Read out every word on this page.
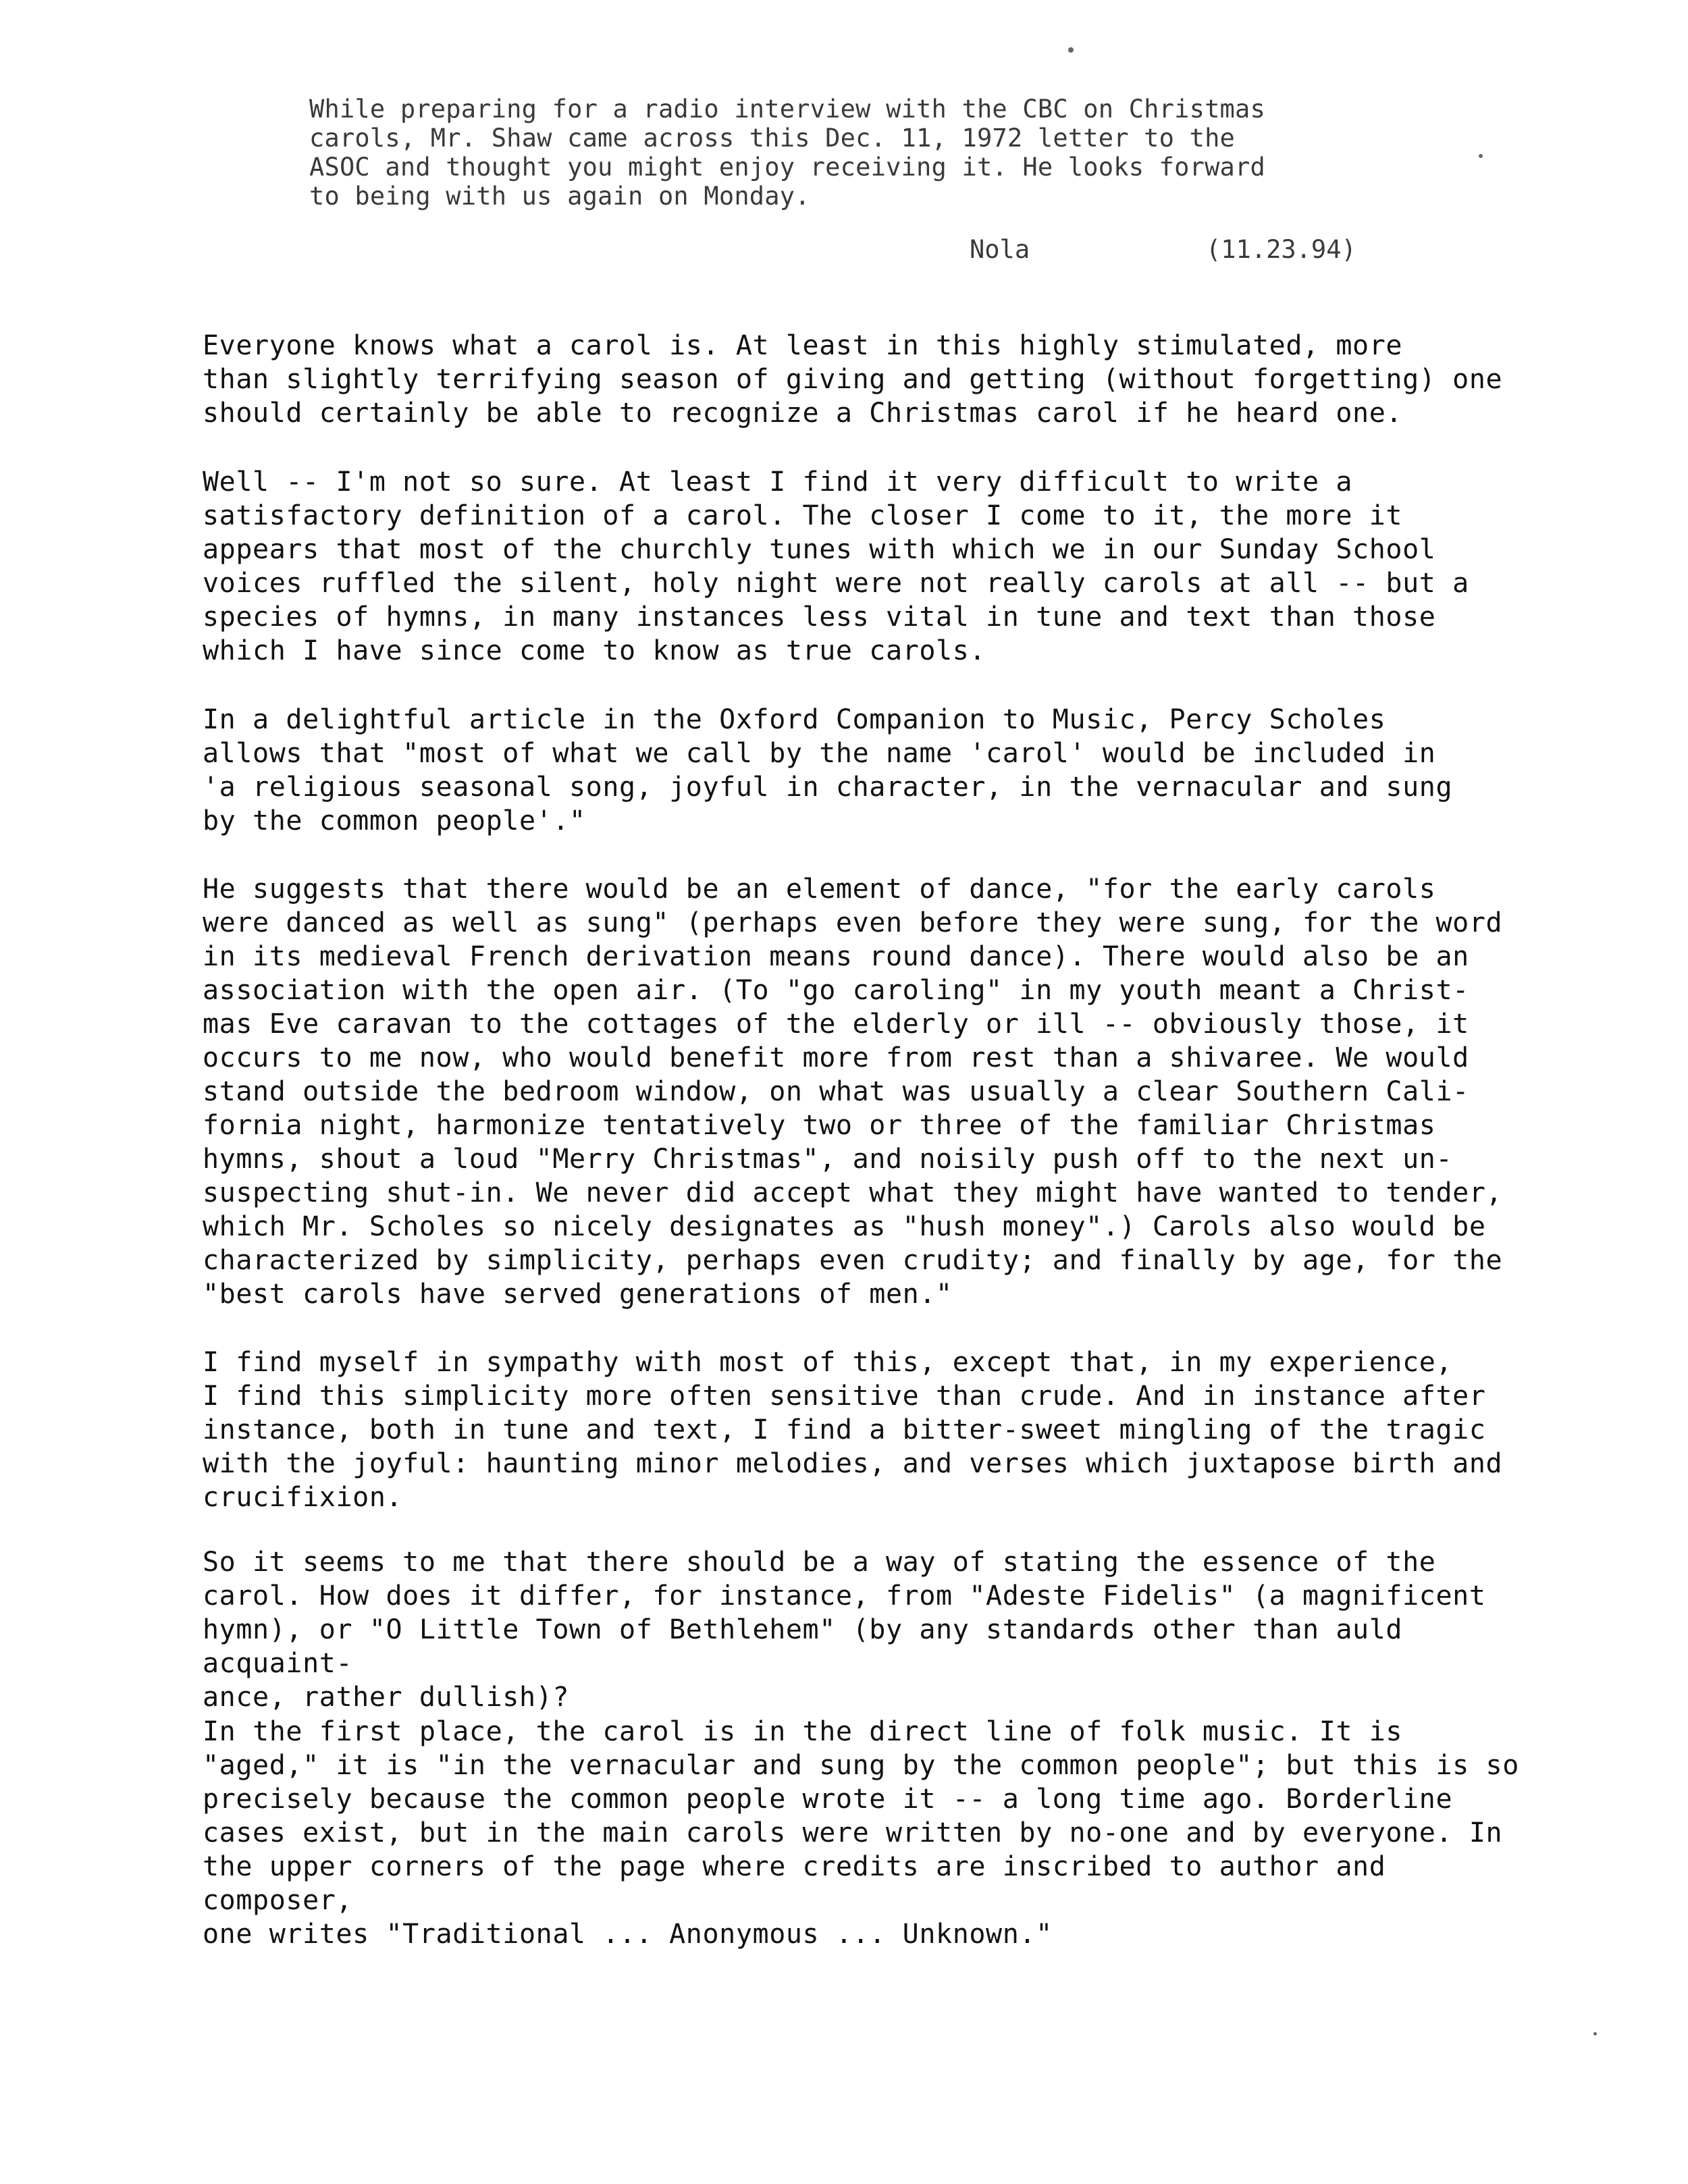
While preparing for a radio interview with the CBC on Christmas
carols, Mr. Shaw came across this Dec. 11, 1972 letter to the
ASOC and thought you might enjoy receiving it. He looks forward
to being with us again on Monday.
Nola	(11.23.94)
Everyone knows what a carol is. At least in this highly stimulated, more
than slightly terrifying season of giving and getting (without forgetting) one
should certainly be able to recognize a Christmas carol if he heard one.
Well -- I'm not so sure. At least I find it very difficult to write a
satisfactory definition of a carol. The closer I come to it, the more it
appears that most of the churchly tunes with which we in our Sunday School
voices ruffled the silent, holy night were not really carols at all -- but a
species of hymns, in many instances less vital in tune and text than those
which I have since come to know as true carols.
In a delightful article in the Oxford Companion to Music, Percy Scholes
allows that "most of what we call by the name 'carol' would be included in
'a religious seasonal song, joyful in character, in the vernacular and sung
by the common people'."
He suggests that there would be an element of dance, "for the early carols
were danced as well as sung" (perhaps even before they were sung, for the word
in its medieval French derivation means round dance). There would also be an
association with the open air. (To "go caroling" in my youth meant a Christ-
mas Eve caravan to the cottages of the elderly or ill -- obviously those, it
occurs to me now, who would benefit more from rest than a shivaree. We would
stand outside the bedroom window, on what was usually a clear Southern Cali-
fornia night, harmonize tentatively two or three of the familiar Christmas
hymns, shout a loud "Merry Christmas", and noisily push off to the next un-
suspecting shut-in. We never did accept what they might have wanted to tender,
which Mr. Scholes so nicely designates as "hush money".) Carols also would be
characterized by simplicity, perhaps even crudity; and finally by age, for the
"best carols have served generations of men."
I find myself in sympathy with most of this, except that, in my experience,
I find this simplicity more often sensitive than crude. And in instance after
instance, both in tune and text, I find a bitter-sweet mingling of the tragic
with the joyful: haunting minor melodies, and verses which juxtapose birth and
crucifixion.
So it seems to me that there should be a way of stating the essence of the
carol. How does it differ, for instance, from "Adeste Fidelis" (a magnificent
hymn), or "O Little Town of Bethlehem" (by any standards other than auld acquaint-
ance, rather dullish)?
In the first place, the carol is in the direct line of folk music. It is
"aged," it is "in the vernacular and sung by the common people"; but this is so
precisely because the common people wrote it -- a long time ago. Borderline
cases exist, but in the main carols were written by no-one and by everyone. In
the upper corners of the page where credits are inscribed to author and composer,
one writes "Traditional ... Anonymous ... Unknown."
